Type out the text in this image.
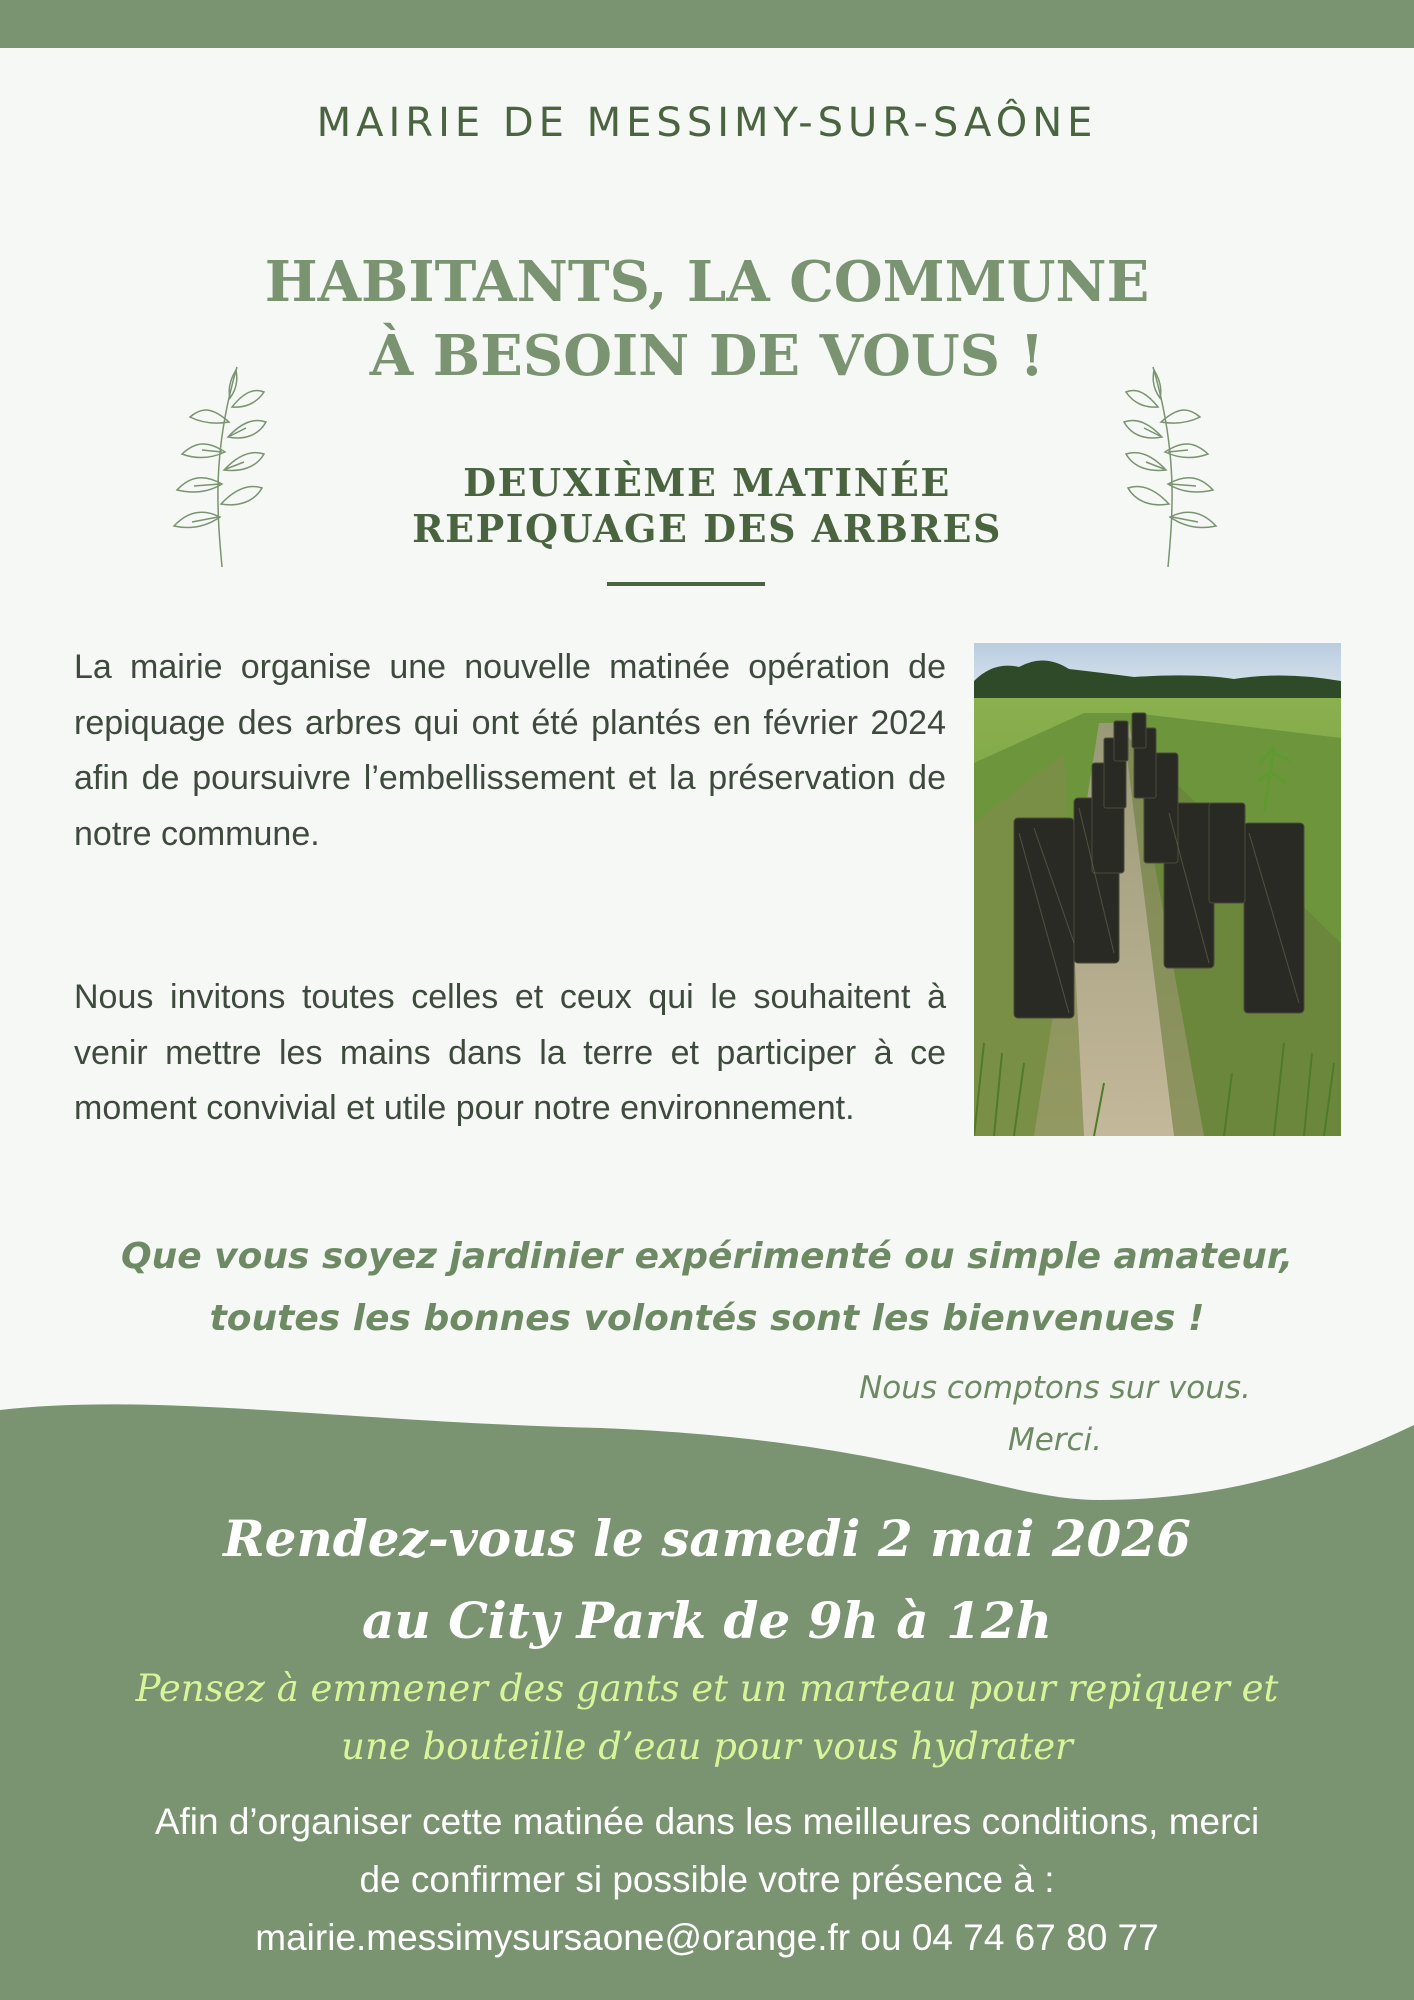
MAIRIE DE MESSIMY-SUR-SAÔNE
HABITANTS, LA COMMUNE
À BESOIN DE VOUS !
DEUXIÈME MATINÉE
REPIQUAGE DES ARBRES

La mairie organise une nouvelle matinée opération de repiquage des arbres qui ont été plantés en février 2024 afin de poursuivre l’embellissement et la préservation de notre commune.

Nous invitons toutes celles et ceux qui le souhaitent à venir mettre les mains dans la terre et participer à ce moment convivial et utile pour notre environnement.

Que vous soyez jardinier expérimenté ou simple amateur,
toutes les bonnes volontés sont les bienvenues !
Nous comptons sur vous.
Merci.
Rendez-vous le samedi 2 mai 2026
au City Park de 9h à 12h
Pensez à emmener des gants et un marteau pour repiquer et
une bouteille d’eau pour vous hydrater
Afin d’organiser cette matinée dans les meilleures conditions, merci
de confirmer si possible votre présence à :
mairie.messimysursaone@orange.fr ou 04 74 67 80 77
